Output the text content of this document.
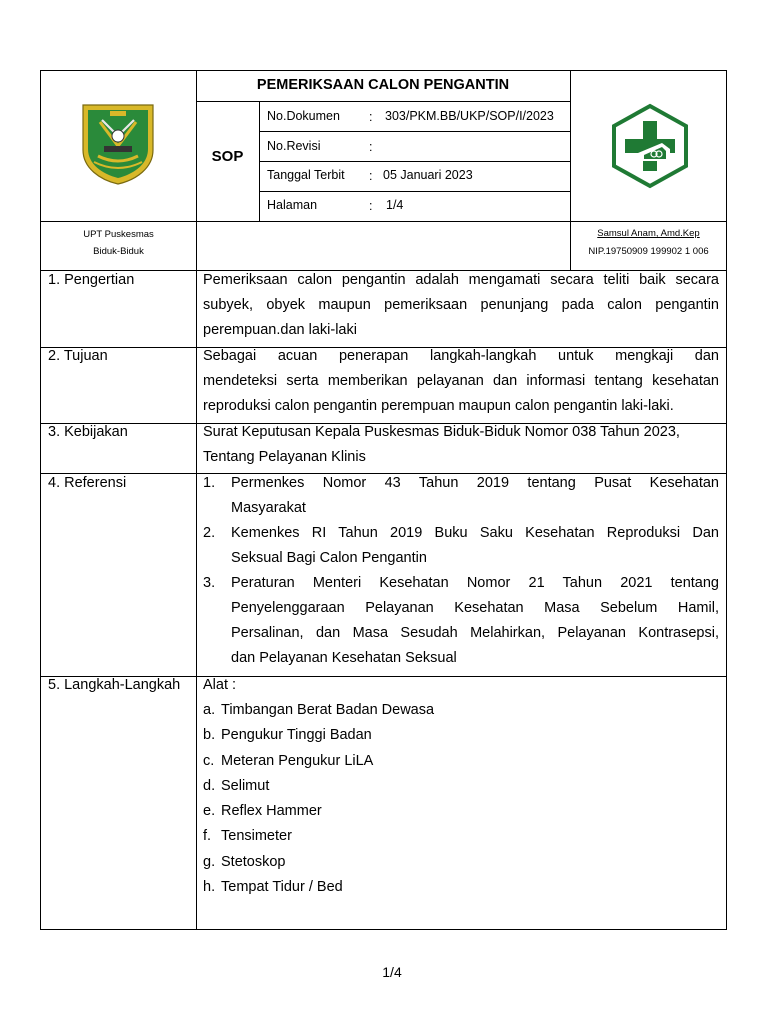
PEMERIKSAAN CALON PENGANTIN
SOP
No.Dokumen : 303/PKM.BB/UKP/SOP/I/2023
No.Revisi	:
Tanggal Terbit : 05 Januari 2023
Halaman	: 1/4
UPT Puskesmas
Biduk-Biduk
Samsul Anam, Amd.Kep
NIP.19750909 199902 1 006
1. Pengertian	Pemeriksaan calon pengantin adalah mengamati secara teliti baik secara
subyek, obyek maupun pemeriksaan penunjang pada calon pengantin
perempuan.dan laki-laki
2. Tujuan	Sebagai acuan penerapan langkah-langkah untuk mengkaji dan
mendeteksi serta memberikan pelayanan dan informasi tentang kesehatan
reproduksi calon pengantin perempuan maupun calon pengantin laki-laki.
3. Kebijakan	Surat Keputusan Kepala Puskesmas Biduk-Biduk Nomor 038 Tahun 2023,
Tentang Pelayanan Klinis
4. Referensi	1. Permenkes Nomor 43 Tahun 2019 tentang Pusat Kesehatan
Masyarakat
2. Kemenkes RI Tahun 2019 Buku Saku Kesehatan Reproduksi Dan
Seksual Bagi Calon Pengantin
3. Peraturan Menteri Kesehatan Nomor 21 Tahun 2021 tentang
Penyelenggaraan Pelayanan Kesehatan Masa Sebelum Hamil,
Persalinan, dan Masa Sesudah Melahirkan, Pelayanan Kontrasepsi,
dan Pelayanan Kesehatan Seksual
5. Langkah-Langkah Alat :
a. Timbangan Berat Badan Dewasa
b. Pengukur Tinggi Badan
c. Meteran Pengukur LiLA
d. Selimut
e. Reflex Hammer
f. Tensimeter
g. Stetoskop
h. Tempat Tidur / Bed
1/4
